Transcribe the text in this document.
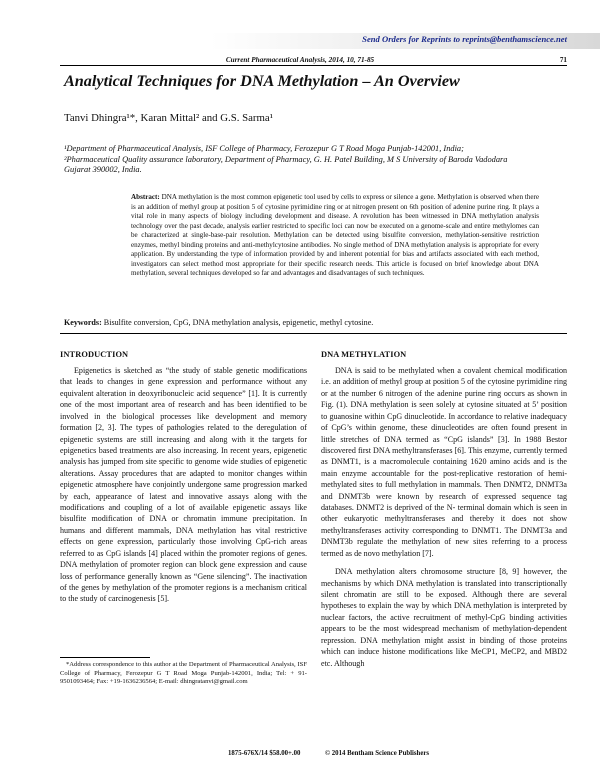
Send Orders for Reprints to reprints@benthamscience.net
Current Pharmaceutical Analysis, 2014, 10, 71-85	71
Analytical Techniques for DNA Methylation – An Overview
Tanvi Dhingra¹*, Karan Mittal² and G.S. Sarma¹
¹Department of Pharmaceutical Analysis, ISF College of Pharmacy, Ferozepur G T Road Moga Punjab-142001, India;
²Pharmaceutical Quality assurance laboratory, Department of Pharmacy, G. H. Patel Building, M S University of Baroda Vadodara Gujarat 390002, India.
Abstract: DNA methylation is the most common epigenetic tool used by cells to express or silence a gene. Methylation is observed when there is an addition of methyl group at position 5 of cytosine pyrimidine ring or at nitrogen present on 6th position of adenine purine ring. It plays a vital role in many aspects of biology including development and disease. A revolution has been witnessed in DNA methylation analysis technology over the past decade, analysis earlier restricted to specific loci can now be executed on a genome-scale and entire methylomes can be characterized at single-base-pair resolution. Methylation can be detected using bisulfite conversion, methylation-sensitive restriction enzymes, methyl binding proteins and anti-methylcytosine antibodies. No single method of DNA methylation analysis is appropriate for every application. By understanding the type of information provided by and inherent potential for bias and artifacts associated with each method, investigators can select method most appropriate for their specific research needs. This article is focused on brief knowledge about DNA methylation, several techniques developed so far and advantages and disadvantages of such techniques.
Keywords: Bisulfite conversion, CpG, DNA methylation analysis, epigenetic, methyl cytosine.
INTRODUCTION

Epigenetics is sketched as “the study of stable genetic modifications that leads to changes in gene expression and performance without any equivalent alteration in deoxyribonucleic acid sequence” [1]. It is currently one of the most important area of research and has been identified to be involved in the biological processes like development and memory formation [2, 3]. The types of pathologies related to the deregulation of epigenetic systems are still increasing and along with it the targets for epigenetics based treatments are also increasing. In recent years, epigenetic analysis has jumped from site specific to genome wide studies of epigenetic alterations. Assay procedures that are adapted to monitor changes within epigenetic atmosphere have conjointly undergone same progression marked by each, appearance of latest and innovative assays along with the modifications and coupling of a lot of available epigenetic assays like bisulfite modification of DNA or chromatin immune precipitation. In humans and different mammals, DNA methylation has vital restrictive effects on gene expression, particularly those involving CpG-rich areas referred to as CpG islands [4] placed within the promoter regions of genes. DNA methylation of promoter region can block gene expression and cause loss of performance generally known as “Gene silencing”. The inactivation of the genes by methylation of the promoter regions is a mechanism critical to the study of carcinogenesis [5].

DNA METHYLATION

DNA is said to be methylated when a covalent chemical modification i.e. an addition of methyl group at position 5 of the cytosine pyrimidine ring or at the number 6 nitrogen of the adenine purine ring occurs as shown in Fig. (1). DNA methylation is seen solely at cytosine situated at 5’ position to guanosine within CpG dinucleotide. In accordance to relative inadequacy of CpG’s within genome, these dinucleotides are often found present in little stretches of DNA termed as “CpG islands” [3]. In 1988 Bestor discovered first DNA methyltransferases [6]. This enzyme, currently termed as DNMT1, is a macromolecule containing 1620 amino acids and is the main enzyme accountable for the post-replicative restoration of hemi-methylated sites to full methylation in mammals. Then DNMT2, DNMT3a and DNMT3b were known by research of expressed sequence tag databases. DNMT2 is deprived of the N- terminal domain which is seen in other eukaryotic methyltransferases and thereby it does not show methyltransferases activity corresponding to DNMT1. The DNMT3a and DNMT3b regulate the methylation of new sites referring to a process termed as de novo methylation [7].

DNA methylation alters chromosome structure [8, 9] however, the mechanisms by which DNA methylation is translated into transcriptionally silent chromatin are still to be exposed. Although there are several hypotheses to explain the way by which DNA methylation is interpreted by nuclear factors, the active recruitment of methyl-CpG binding activities appears to be the most widespread mechanism of methylation-dependent repression. DNA methylation might assist in binding of those proteins which can induce histone modifications like MeCP1, MeCP2, and MBD2 etc. Although

*Address correspondence to this author at the Department of Pharmaceutical Analysis, ISF College of Pharmacy, Ferozepur G T Road Moga Punjab-142001, India; Tel: + 91-9501093464; Fax: +19-1636236564; E-mail: dhingratanvi@gmail.com

1875-676X/14 $58.00+.00	© 2014 Bentham Science Publishers
